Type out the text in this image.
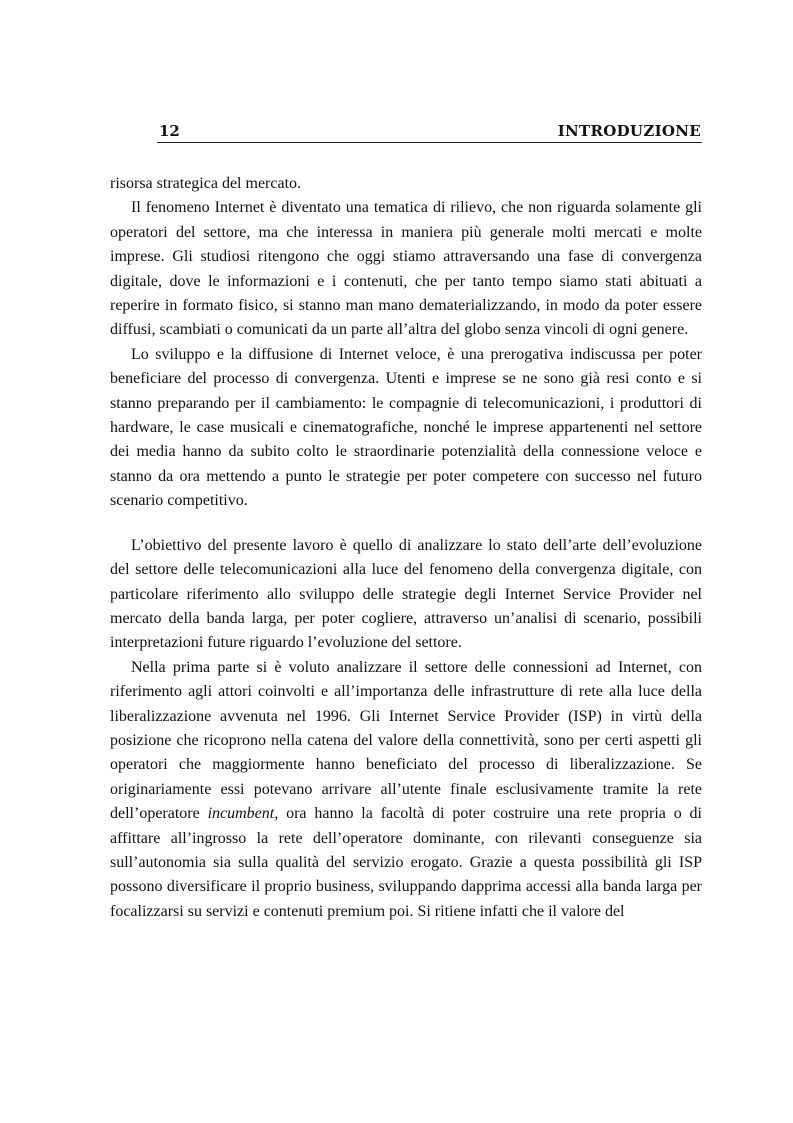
12	INTRODUZIONE

risorsa strategica del mercato.

Il fenomeno Internet è diventato una tematica di rilievo, che non riguarda solamente gli operatori del settore, ma che interessa in maniera più generale molti mercati e molte imprese. Gli studiosi ritengono che oggi stiamo attraversando una fase di convergenza digitale, dove le informazioni e i contenuti, che per tanto tempo siamo stati abituati a reperire in formato fisico, si stanno man mano dematerializzando, in modo da poter essere diffusi, scambiati o comunicati da un parte all’altra del globo senza vincoli di ogni genere.

Lo sviluppo e la diffusione di Internet veloce, è una prerogativa indiscussa per poter beneficiare del processo di convergenza. Utenti e imprese se ne sono già resi conto e si stanno preparando per il cambiamento: le compagnie di telecomunicazioni, i produttori di hardware, le case musicali e cinematografiche, nonché le imprese appartenenti nel settore dei media hanno da subito colto le straordinarie potenzialità della connessione veloce e stanno da ora mettendo a punto le strategie per poter competere con successo nel futuro scenario competitivo.

L’obiettivo del presente lavoro è quello di analizzare lo stato dell’arte dell’evoluzione del settore delle telecomunicazioni alla luce del fenomeno della convergenza digitale, con particolare riferimento allo sviluppo delle strategie degli Internet Service Provider nel mercato della banda larga, per poter cogliere, attraverso un’analisi di scenario, possibili interpretazioni future riguardo l’evoluzione del settore.

Nella prima parte si è voluto analizzare il settore delle connessioni ad Internet, con riferimento agli attori coinvolti e all’importanza delle infrastrutture di rete alla luce della liberalizzazione avvenuta nel 1996. Gli Internet Service Provider (ISP) in virtù della posizione che ricoprono nella catena del valore della connettività, sono per certi aspetti gli operatori che maggiormente hanno beneficiato del processo di liberalizzazione. Se originariamente essi potevano arrivare all’utente finale esclusivamente tramite la rete dell’operatore incumbent, ora hanno la facoltà di poter costruire una rete propria o di affittare all’ingrosso la rete dell’operatore dominante, con rilevanti conseguenze sia sull’autonomia sia sulla qualità del servizio erogato. Grazie a questa possibilità gli ISP possono diversificare il proprio business, sviluppando dapprima accessi alla banda larga per focalizzarsi su servizi e contenuti premium poi. Si ritiene infatti che il valore del
